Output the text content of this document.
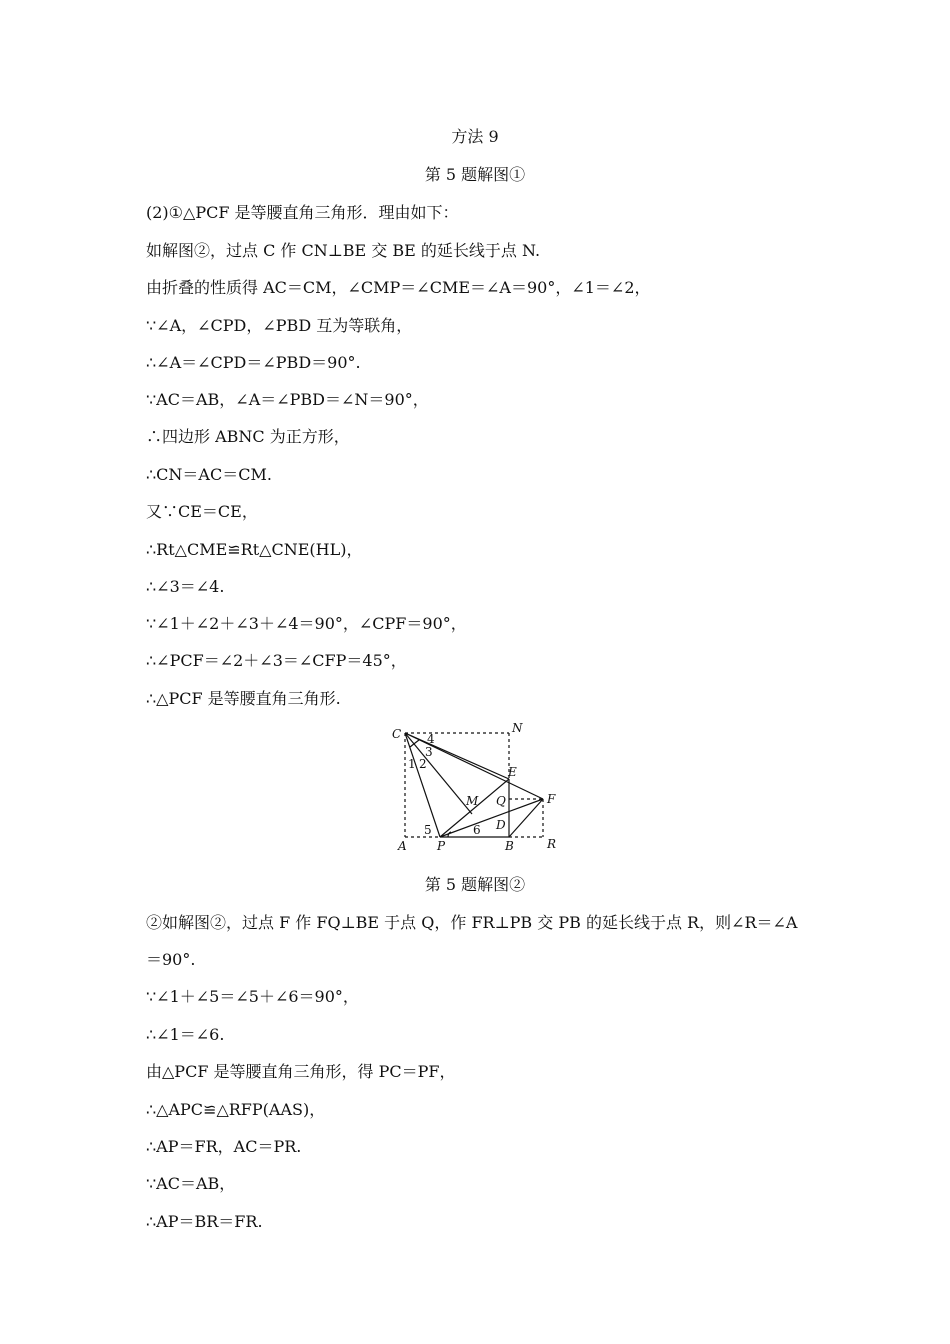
方法 9
第 5 题解图①
(2)①△PCF 是等腰直角三角形．理由如下：
如解图②，过点 C 作 CN⊥BE 交 BE 的延长线于点 N.
由折叠的性质得 AC＝CM，∠CMP＝∠CME＝∠A＝90°，∠1＝∠2，
∵∠A，∠CPD，∠PBD 互为等联角，
∴∠A＝∠CPD＝∠PBD＝90°.
∵AC＝AB，∠A＝∠PBD＝∠N＝90°，
∴四边形 ABNC 为正方形，
∴CN＝AC＝CM.
又∵CE＝CE，
∴Rt△CME≌Rt△CNE(HL)，
∴∠3＝∠4.
∵∠1＋∠2＋∠3＋∠4＝90°，∠CPF＝90°，
∴∠PCF＝∠2＋∠3＝∠CFP＝45°，
∴△PCF 是等腰直角三角形.
C	N
E
F
Q
M
D
A	P	B	R
1 2
3
4
5	6
第 5 题解图②
②如解图②，过点 F 作 FQ⊥BE 于点 Q，作 FR⊥PB 交 PB 的延长线于点 R，则∠R＝∠A
＝90°.
∵∠1＋∠5＝∠5＋∠6＝90°，
∴∠1＝∠6.
由△PCF 是等腰直角三角形，得 PC＝PF，
∴△APC≌△RFP(AAS)，
∴AP＝FR，AC＝PR.
∵AC＝AB，
∴AP＝BR＝FR.
